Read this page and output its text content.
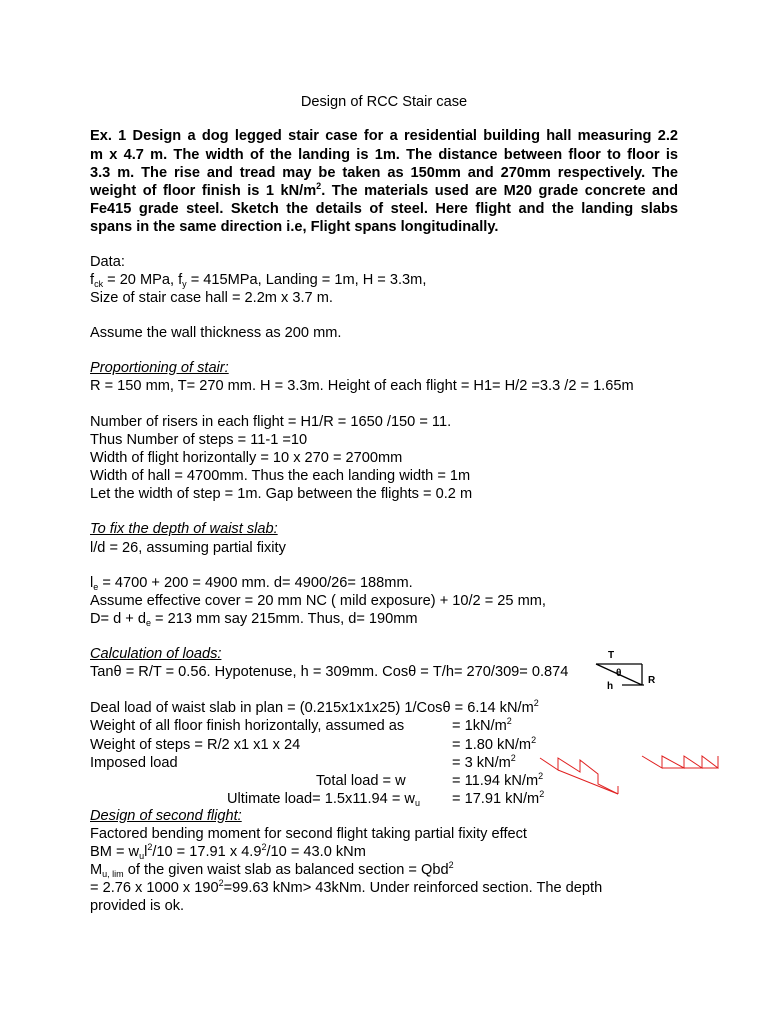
Design of RCC Stair case
Ex. 1 Design a dog legged stair case for a residential building hall measuring 2.2
m x 4.7 m. The width of the landing is 1m. The distance between floor to floor is
3.3 m. The rise and tread may be taken as 150mm and 270mm respectively. The
weight of floor finish is 1 $kN/m^2$. The materials used are M20 grade concrete and
Fe415 grade steel. Sketch the details of steel. Here flight and the landing slabs
spans in the same direction i.e, Flight spans longitudinally.
Data:
$f_{ck} = 20$ MPa, $f_y = 415MPa$, Landing = 1m, H = 3.3m,
Size of stair case hall = 2.2m x 3.7 m.
Assume the wall thickness as 200 mm.
Proportioning of stair:
R = 150 mm, T= 270 mm. H = 3.3m. Height of each flight = H1= H/2 =3.3 /2 = 1.65m
Number of risers in each flight = H1/R = 1650 /150 = 11.
Thus Number of steps = 11-1 =10
Width of flight horizontally = 10 x 270 = 2700mm
Width of hall = 4700mm. Thus the each landing width = 1m
Let the width of step = 1m. Gap between the flights = 0.2 m
To fix the depth of waist slab:
l/d = 26, assuming partial fixity
$l_e = 4700 + 200 = 4900$ mm. d= 4900/26= 188mm.
Assume effective cover = 20 mm NC ( mild exposure) + 10/2 = 25 mm,
$D= d + d_e = 213$ mm say 215mm. Thus, d= 190mm
Calculation of loads:
Tanθ = R/T = 0.56. Hypotenuse, h = 309mm. Cosθ = T/h= 270/309= 0.874
T
θ
h
R
Deal load of waist slab in plan = (0.215x1x1x25) 1/Cosθ = 6.14 $kN/m^2$
Weight of all floor finish horizontally, assumed as	= $1kN/m^2$
Weight of steps = R/2 x1 x1 x 24	= 1.80 $kN/m^2$
Imposed load	= 3 $kN/m^2$
Total load = w	= 11.94 $kN/m^2$
Ultimate load= $1.5x11.94 = w_u = 17.91$ $kN/m^2$
Design of second flight:
Factored bending moment for second flight taking partial fixity effect
BM = $w_ul^2/10 = 17.91$ x $4.9^2/10 = 43.0$ kNm
$M_{u, lim}$ of the given waist slab as balanced section = Qbd$^2$
= 2.76 x 1000 x $190^2=99.63$ kNm> 43kNm. Under reinforced section. The depth
provided is ok.
